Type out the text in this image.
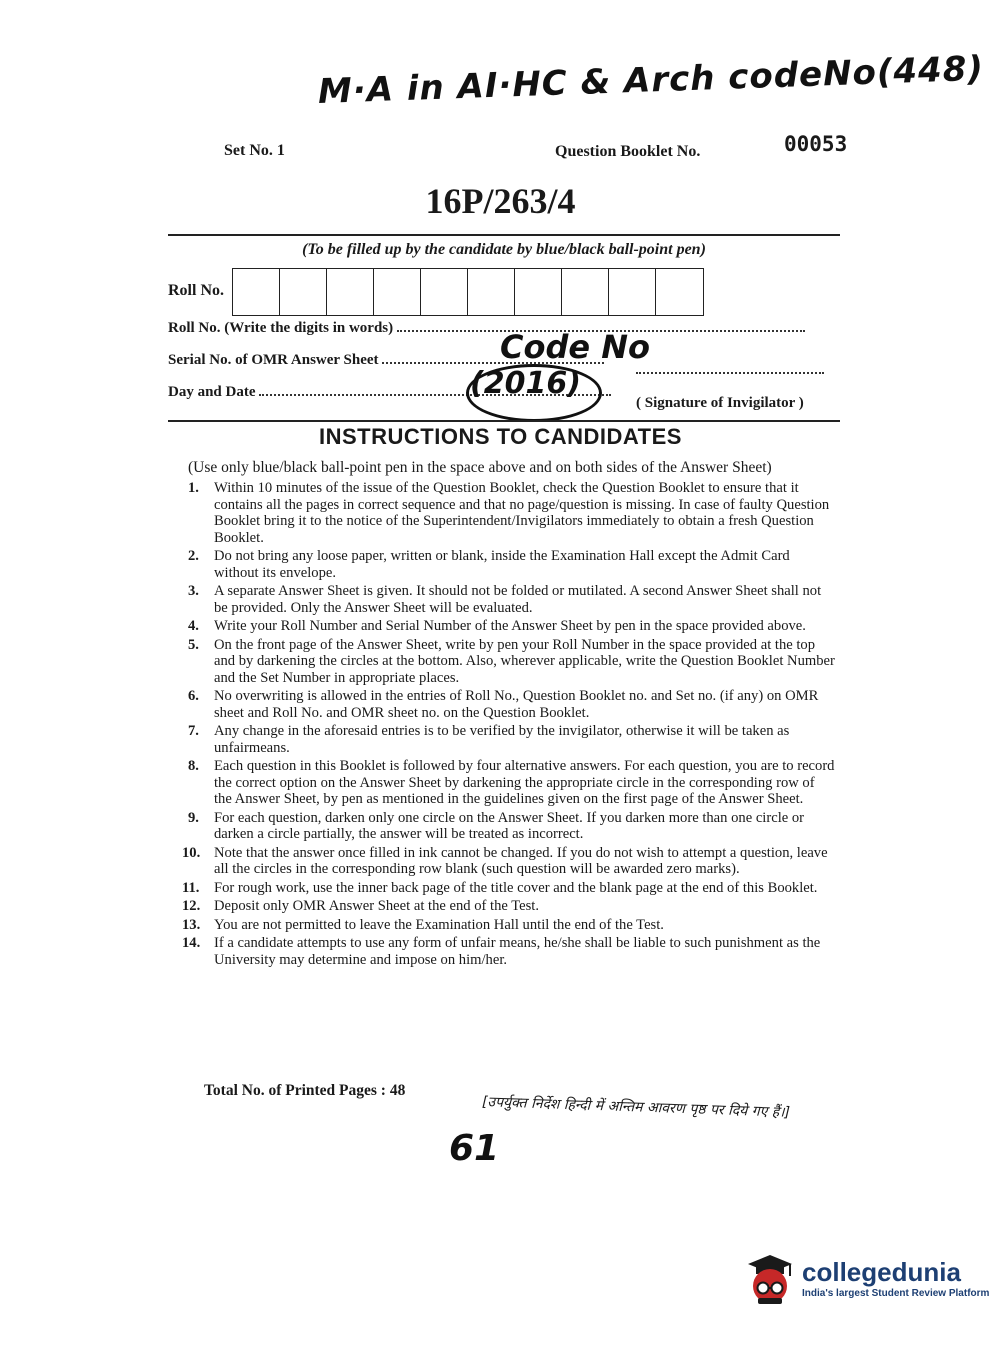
M·A in AI·HC & Arch codeNo(448)
Set No. 1	Question Booklet No.	00053
16P/263/4
(To be filled up by the candidate by blue/black ball-point pen)
Roll No.
Roll No. (Write the digits in words)
Serial No. of OMR Answer Sheet
Day and Date
( Signature of Invigilator )
Code No
(2016)
INSTRUCTIONS TO CANDIDATES
(Use only blue/black ball-point pen in the space above and on both sides of the Answer Sheet)
1. Within 10 minutes of the issue of the Question Booklet, check the Question Booklet to ensure that it contains all the pages in correct sequence and that no page/question is missing. In case of faulty Question Booklet bring it to the notice of the Superintendent/Invigilators immediately to obtain a fresh Question Booklet.
2. Do not bring any loose paper, written or blank, inside the Examination Hall except the Admit Card without its envelope.
3. A separate Answer Sheet is given. It should not be folded or mutilated. A second Answer Sheet shall not be provided. Only the Answer Sheet will be evaluated.
4. Write your Roll Number and Serial Number of the Answer Sheet by pen in the space provided above.
5. On the front page of the Answer Sheet, write by pen your Roll Number in the space provided at the top and by darkening the circles at the bottom. Also, wherever applicable, write the Question Booklet Number and the Set Number in appropriate places.
6. No overwriting is allowed in the entries of Roll No., Question Booklet no. and Set no. (if any) on OMR sheet and Roll No. and OMR sheet no. on the Question Booklet.
7. Any change in the aforesaid entries is to be verified by the invigilator, otherwise it will be taken as unfairmeans.
8. Each question in this Booklet is followed by four alternative answers. For each question, you are to record the correct option on the Answer Sheet by darkening the appropriate circle in the corresponding row of the Answer Sheet, by pen as mentioned in the guidelines given on the first page of the Answer Sheet.
9. For each question, darken only one circle on the Answer Sheet. If you darken more than one circle or darken a circle partially, the answer will be treated as incorrect.
10. Note that the answer once filled in ink cannot be changed. If you do not wish to attempt a question, leave all the circles in the corresponding row blank (such question will be awarded zero marks).
11. For rough work, use the inner back page of the title cover and the blank page at the end of this Booklet.
12. Deposit only OMR Answer Sheet at the end of the Test.
13. You are not permitted to leave the Examination Hall until the end of the Test.
14. If a candidate attempts to use any form of unfair means, he/she shall be liable to such punishment as the University may determine and impose on him/her.
Total No. of Printed Pages : 48
[उपर्युक्त निर्देश हिन्दी में अन्तिम आवरण पृष्ठ पर दिये गए हैं।]
61
collegedunia
India's largest Student Review Platform
